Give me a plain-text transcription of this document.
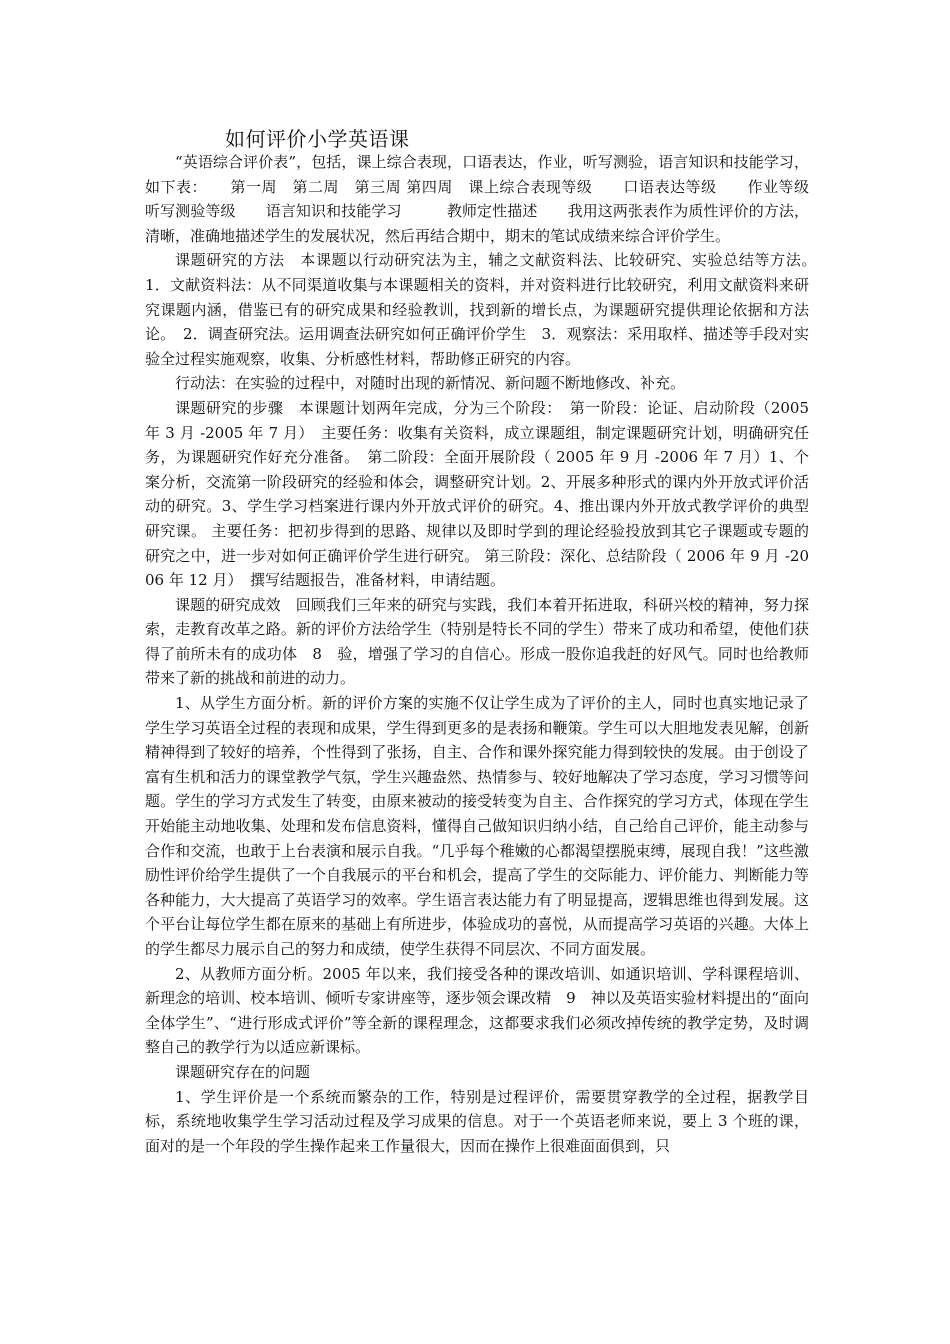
如何评价小学英语课

“英语综合评价表”，包括，课上综合表现，口语表达，作业，听写测验，语言知识和技能学习，如下表：　　第一周　第二周　第三周 第四周　课上综合表现等级　　口语表达等级　　作业等级　　听写测验等级　　语言知识和技能学习　　　教师定性描述　　我用这两张表作为质性评价的方法，清晰，准确地描述学生的发展状况，然后再结合期中，期末的笔试成绩来综合评价学生。

课题研究的方法　本课题以行动研究法为主，辅之文献资料法、比较研究、实验总结等方法。　1．文献资料法：从不同渠道收集与本课题相关的资料，并对资料进行比较研究，利用文献资料来研究课题内涵，借鉴已有的研究成果和经验教训，找到新的增长点，为课题研究提供理论依据和方法论。　2．调查研究法。运用调查法研究如何正确评价学生　3．观察法：采用取样、描述等手段对实验全过程实施观察，收集、分析感性材料，帮助修正研究的内容。

行动法：在实验的过程中，对随时出现的新情况、新问题不断地修改、补充。

课题研究的步骤　本课题计划两年完成，分为三个阶段：　第一阶段：论证、启动阶段（2005 年 3 月 -2005 年 7 月）　主要任务：收集有关资料，成立课题组，制定课题研究计划，明确研究任务，为课题研究作好充分准备。　第二阶段：全面开展阶段（ 2005 年 9 月 -2006 年 7 月）1、个案分析，交流第一阶段研究的经验和体会，调整研究计划。2、开展多种形式的课内外开放式评价活动的研究。3、学生学习档案进行课内外开放式评价的研究。4、推出课内外开放式教学评价的典型研究课。 主要任务：把初步得到的思路、规律以及即时学到的理论经验投放到其它子课题或专题的研究之中，进一步对如何正确评价学生进行研究。 第三阶段：深化、总结阶段（ 2006 年 9 月 -2006 年 12 月）　撰写结题报告，准备材料，申请结题。

课题的研究成效　回顾我们三年来的研究与实践，我们本着开拓进取，科研兴校的精神，努力探索，走教育改革之路。新的评价方法给学生（特别是特长不同的学生）带来了成功和希望，使他们获得了前所未有的成功体　8　验，增强了学习的自信心。形成一股你追我赶的好风气。同时也给教师带来了新的挑战和前进的动力。

1、从学生方面分析。新的评价方案的实施不仅让学生成为了评价的主人，同时也真实地记录了学生学习英语全过程的表现和成果，学生得到更多的是表扬和鞭策。学生可以大胆地发表见解，创新精神得到了较好的培养，个性得到了张扬，自主、合作和课外探究能力得到较快的发展。由于创设了富有生机和活力的课堂教学气氛，学生兴趣盎然、热情参与、较好地解决了学习态度，学习习惯等问题。学生的学习方式发生了转变，由原来被动的接受转变为自主、合作探究的学习方式，体现在学生开始能主动地收集、处理和发布信息资料，懂得自己做知识归纳小结，自己给自己评价，能主动参与合作和交流，也敢于上台表演和展示自我。“几乎每个稚嫩的心都渴望摆脱束缚，展现自我！”这些激励性评价给学生提供了一个自我展示的平台和机会，提高了学生的交际能力、评价能力、判断能力等各种能力，大大提高了英语学习的效率。学生语言表达能力有了明显提高，逻辑思维也得到发展。这个平台让每位学生都在原来的基础上有所进步，体验成功的喜悦，从而提高学习英语的兴趣。大体上的学生都尽力展示自己的努力和成绩，使学生获得不同层次、不同方面发展。

2、从教师方面分析。2005 年以来，我们接受各种的课改培训、如通识培训、学科课程培训、新理念的培训、校本培训、倾听专家讲座等，逐步领会课改精　9　神以及英语实验材料提出的“面向全体学生”、“进行形成式评价”等全新的课程理念，这都要求我们必须改掉传统的教学定势，及时调整自己的教学行为以适应新课标。

课题研究存在的问题

1、学生评价是一个系统而繁杂的工作，特别是过程评价，需要贯穿教学的全过程，据教学目标，系统地收集学生学习活动过程及学习成果的信息。对于一个英语老师来说，要上 3 个班的课，面对的是一个年段的学生操作起来工作量很大，因而在操作上很难面面俱到，只
